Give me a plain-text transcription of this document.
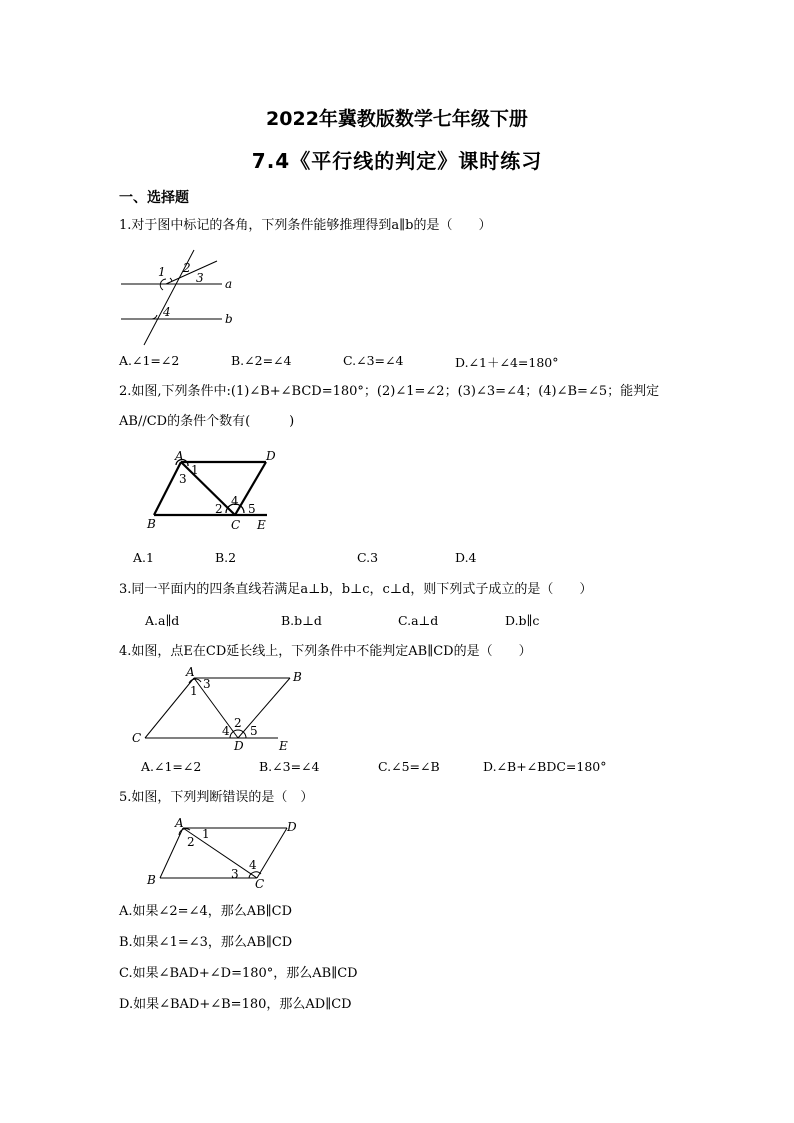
2022年冀教版数学七年级下册
7.4《平行线的判定》课时练习
一、选择题
1.对于图中标记的各角，下列条件能够推理得到a∥b的是（　　）
1 2
3
4
a
b
A.∠1=∠2	B.∠2=∠4	C.∠3=∠4	D.∠1＋∠4=180°
2.如图,下列条件中:(1)∠B+∠BCD=180°；(2)∠1=∠2；(3)∠3=∠4；(4)∠B=∠5；能判定
AB//CD的条件个数有(　　　)
A
1
3
D
4
2 5
B	C E
A.1	B.2	C.3	D.4
3.同一平面内的四条直线若满足a⊥b，b⊥c，c⊥d，则下列式子成立的是（　　）
A.a∥d	B.b⊥d	C.a⊥d	D.b∥c
4.如图，点E在CD延长线上，下列条件中不能判定AB∥CD的是（　　）
A
3
1
B
2
4 5
C
D	E
A.∠1=∠2	B.∠3=∠4	C.∠5=∠B	D.∠B+∠BDC=180°
5.如图，下列判断错误的是（　）
A
1
2
D
4
3
B	C
A.如果∠2=∠4，那么AB∥CD
B.如果∠1=∠3，那么AB∥CD
C.如果∠BAD+∠D=180°，那么AB∥CD
D.如果∠BAD+∠B=180，那么AD∥CD
